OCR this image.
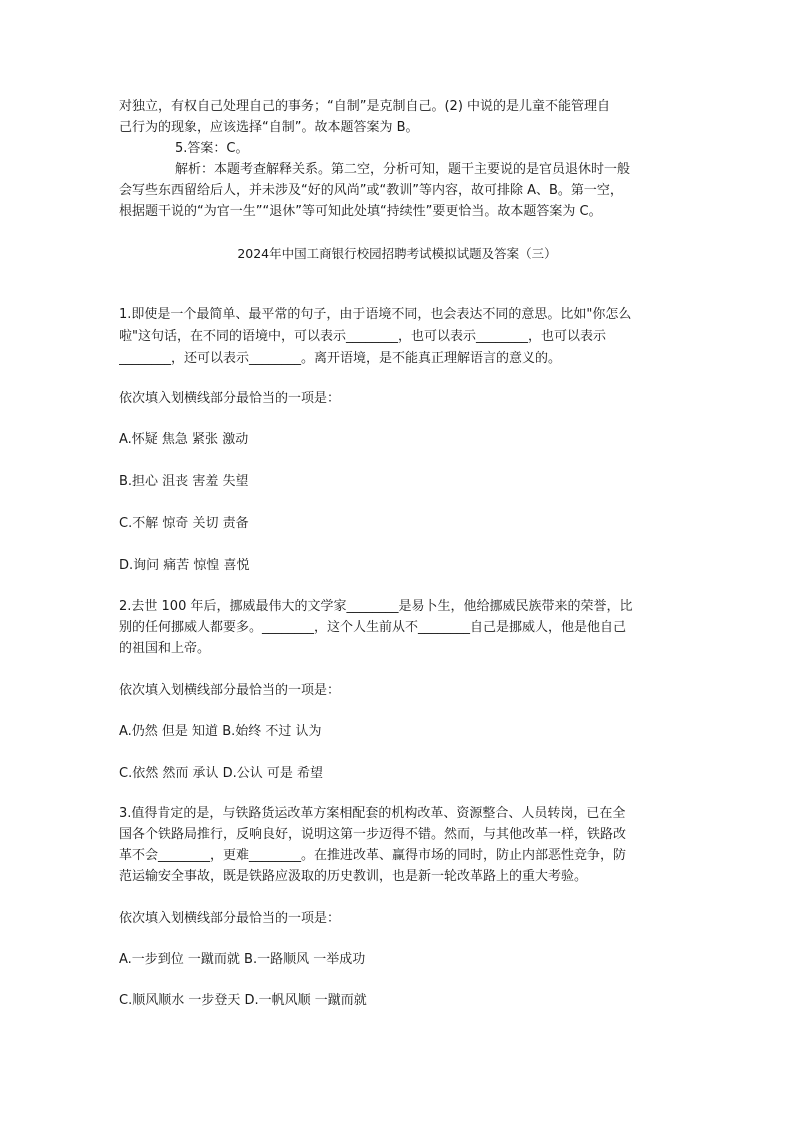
对独立，有权自己处理自己的事务；“自制”是克制自己。(2) 中说的是儿童不能管理自
己行为的现象，应该选择“自制”。故本题答案为 B。
5.答案：C。
解析：本题考查解释关系。第二空，分析可知，题干主要说的是官员退休时一般
会写些东西留给后人，并未涉及“好的风尚”或“教训”等内容，故可排除 A、B。第一空，
根据题干说的“为官一生”“退休”等可知此处填“持续性”要更恰当。故本题答案为 C。
2024年中国工商银行校园招聘考试模拟试题及答案（三）
1.即使是一个最简单、最平常的句子，由于语境不同，也会表达不同的意思。比如"你怎么
啦"这句话，在不同的语境中，可以表示________，也可以表示________，也可以表示
________，还可以表示________。离开语境，是不能真正理解语言的意义的。
依次填入划横线部分最恰当的一项是：
A.怀疑 焦急 紧张 激动
B.担心 沮丧 害羞 失望
C.不解 惊奇 关切 责备
D.询问 痛苦 惊惶 喜悦
2.去世 100 年后，挪威最伟大的文学家________是易卜生，他给挪威民族带来的荣誉，比
别的任何挪威人都要多。________，这个人生前从不________自己是挪威人，他是他自己
的祖国和上帝。
依次填入划横线部分最恰当的一项是：
A.仍然 但是 知道 B.始终 不过 认为
C.依然 然而 承认 D.公认 可是 希望
3.值得肯定的是，与铁路货运改革方案相配套的机构改革、资源整合、人员转岗，已在全
国各个铁路局推行，反响良好，说明这第一步迈得不错。然而，与其他改革一样，铁路改
革不会________，更难________。在推进改革、赢得市场的同时，防止内部恶性竞争，防
范运输安全事故，既是铁路应汲取的历史教训，也是新一轮改革路上的重大考验。
依次填入划横线部分最恰当的一项是：
A.一步到位 一蹴而就 B.一路顺风 一举成功
C.顺风顺水 一步登天 D.一帆风顺 一蹴而就
